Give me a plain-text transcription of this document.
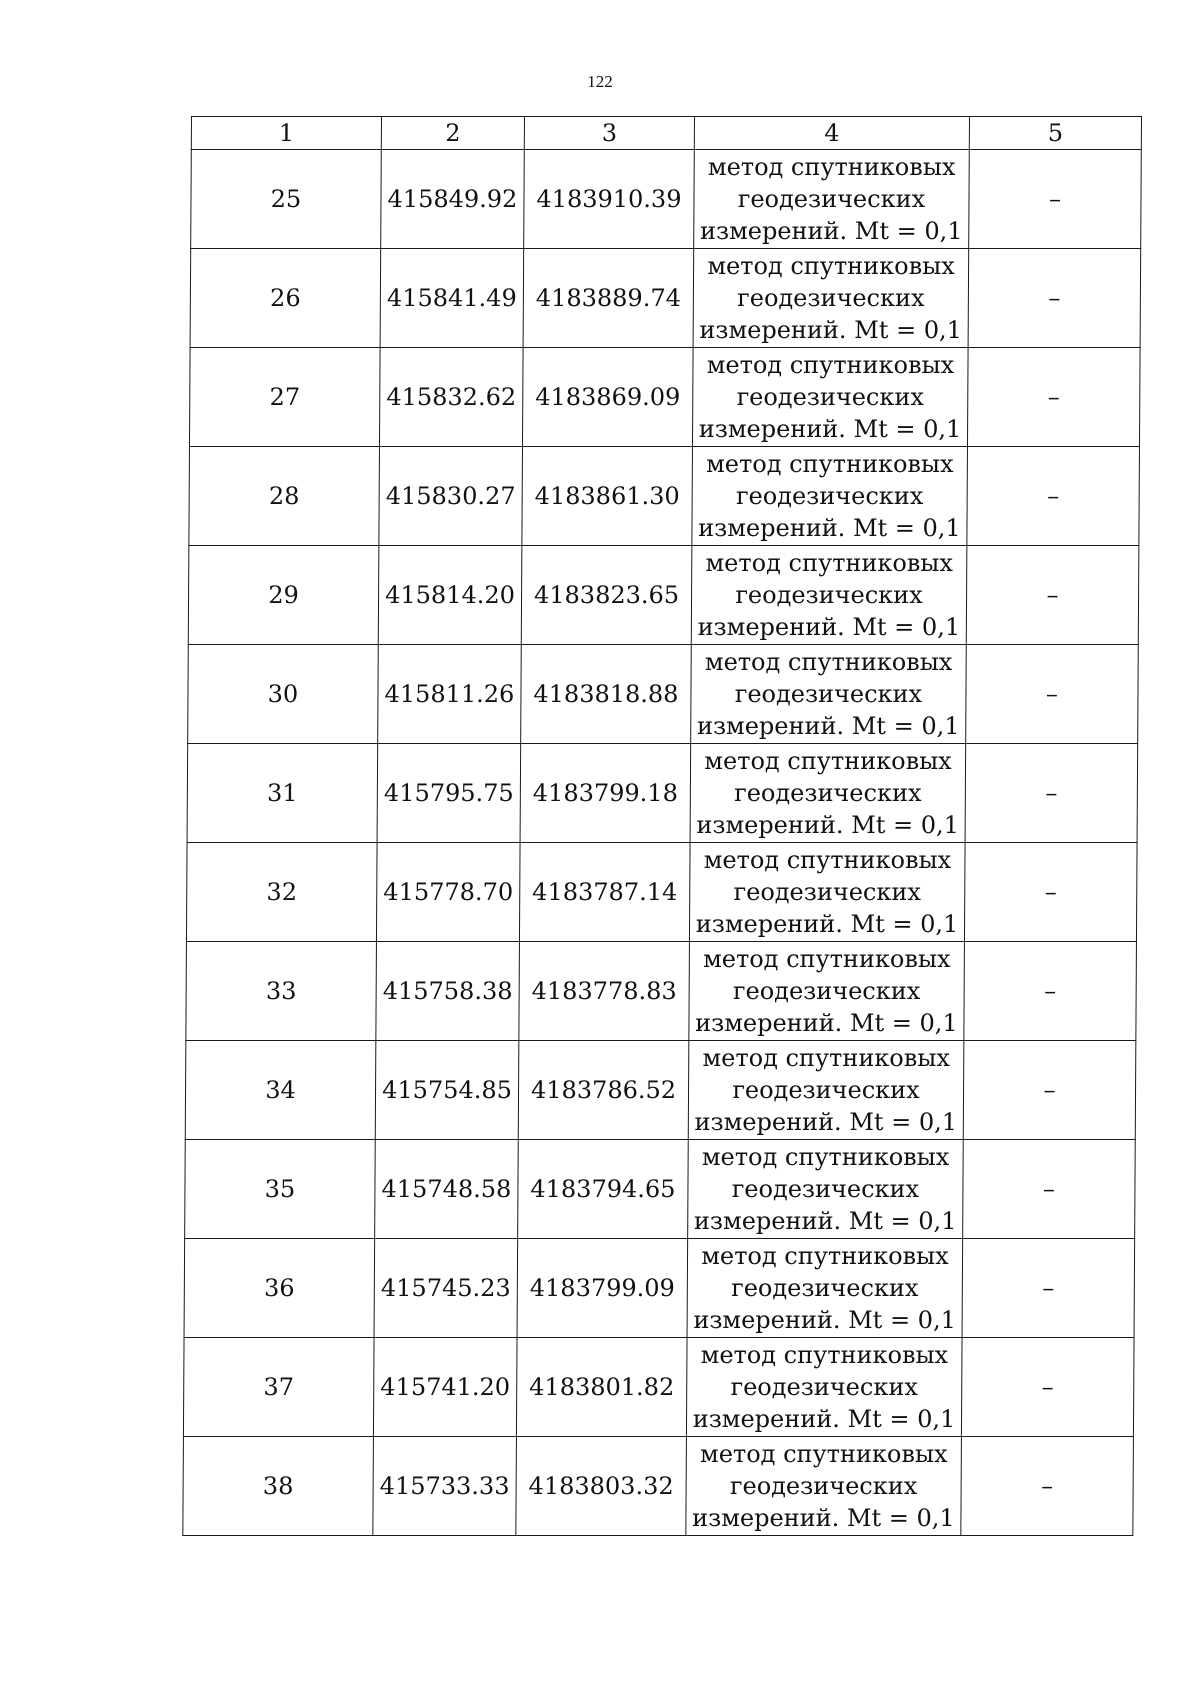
122
1	2	3	4	5
25	415849.92	4183910.39	метод спутниковых
геодезических
измерений. Mt = 0,1	–
26	415841.49	4183889.74	метод спутниковых
геодезических
измерений. Mt = 0,1	–
27	415832.62	4183869.09	метод спутниковых
геодезических
измерений. Mt = 0,1	–
28	415830.27	4183861.30	метод спутниковых
геодезических
измерений. Mt = 0,1	–
29	415814.20	4183823.65	метод спутниковых
геодезических
измерений. Mt = 0,1	–
30	415811.26	4183818.88	метод спутниковых
геодезических
измерений. Mt = 0,1	–
31	415795.75	4183799.18	метод спутниковых
геодезических
измерений. Mt = 0,1	–
32	415778.70	4183787.14	метод спутниковых
геодезических
измерений. Mt = 0,1	–
33	415758.38	4183778.83	метод спутниковых
геодезических
измерений. Mt = 0,1	–
34	415754.85	4183786.52	метод спутниковых
геодезических
измерений. Mt = 0,1	–
35	415748.58	4183794.65	метод спутниковых
геодезических
измерений. Mt = 0,1	–
36	415745.23	4183799.09	метод спутниковых
геодезических
измерений. Mt = 0,1	–
37	415741.20	4183801.82	метод спутниковых
геодезических
измерений. Mt = 0,1	–
38	415733.33	4183803.32	метод спутниковых
геодезических
измерений. Mt = 0,1	–
